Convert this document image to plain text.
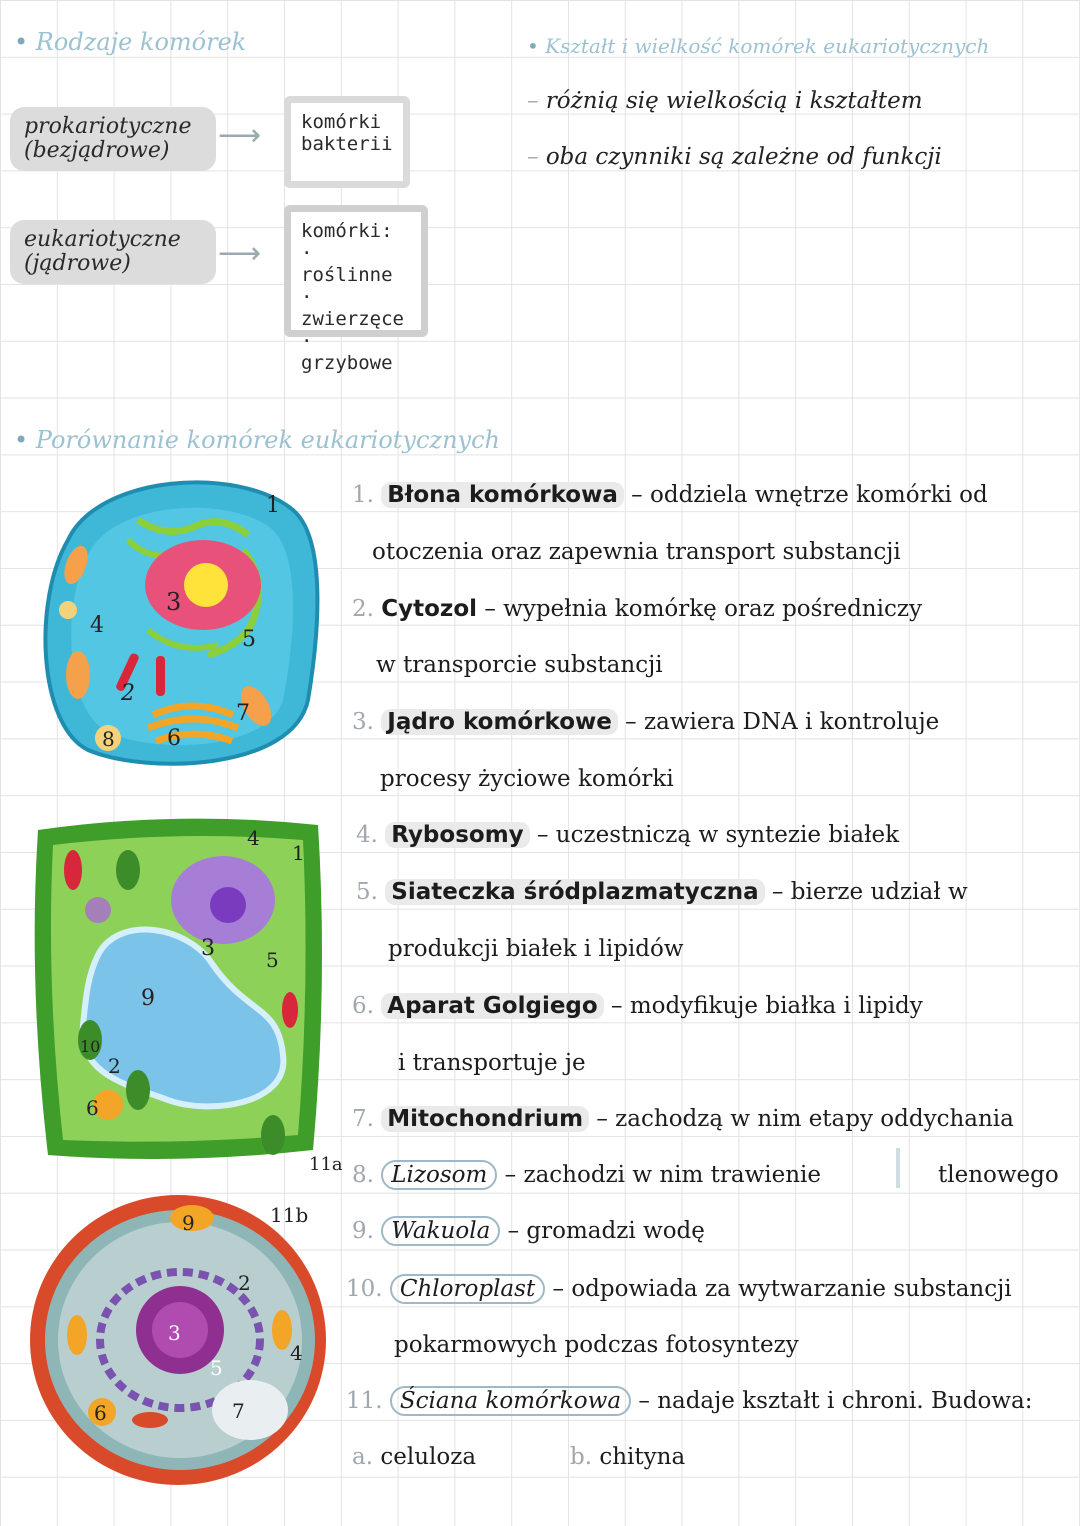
• Rodzaje komórek
prokariotyczne
(bezjądrowe)	⟶ komórki
bakterii
eukariotyczne
(jądrowe)	⟶
komórki:
· roślinne
· zwierzęce
· grzybowe
• Kształt i wielkość komórek eukariotycznych
– różnią się wielkością i kształtem
– oba czynniki są zależne od funkcji
• Porównanie komórek eukariotycznych
3
4
5
2
6
7
8
1
3
9
4
1
5
10
2
6
11a
9	11b
2
3
4
5
6	7
1. Błona komórkowa – oddziela wnętrze komórki od
otoczenia oraz zapewnia transport substancji
2. Cytozol – wypełnia komórkę oraz pośredniczy
w transporcie substancji
3. Jądro komórkowe – zawiera DNA i kontroluje
procesy życiowe komórki
4. Rybosomy – uczestniczą w syntezie białek
5. Siateczka śródplazmatyczna – bierze udział w
produkcji białek i lipidów
6. Aparat Golgiego – modyfikuje białka i lipidy
i transportuje je
7. Mitochondrium – zachodzą w nim etapy oddychania
8. Lizosom – zachodzi w nim trawienie	tlenowego
9. Wakuola – gromadzi wodę
10. Chloroplast – odpowiada za wytwarzanie substancji
pokarmowych podczas fotosyntezy
11. Ściana komórkowa – nadaje kształt i chroni. Budowa:
a. celuloza	b. chityna
